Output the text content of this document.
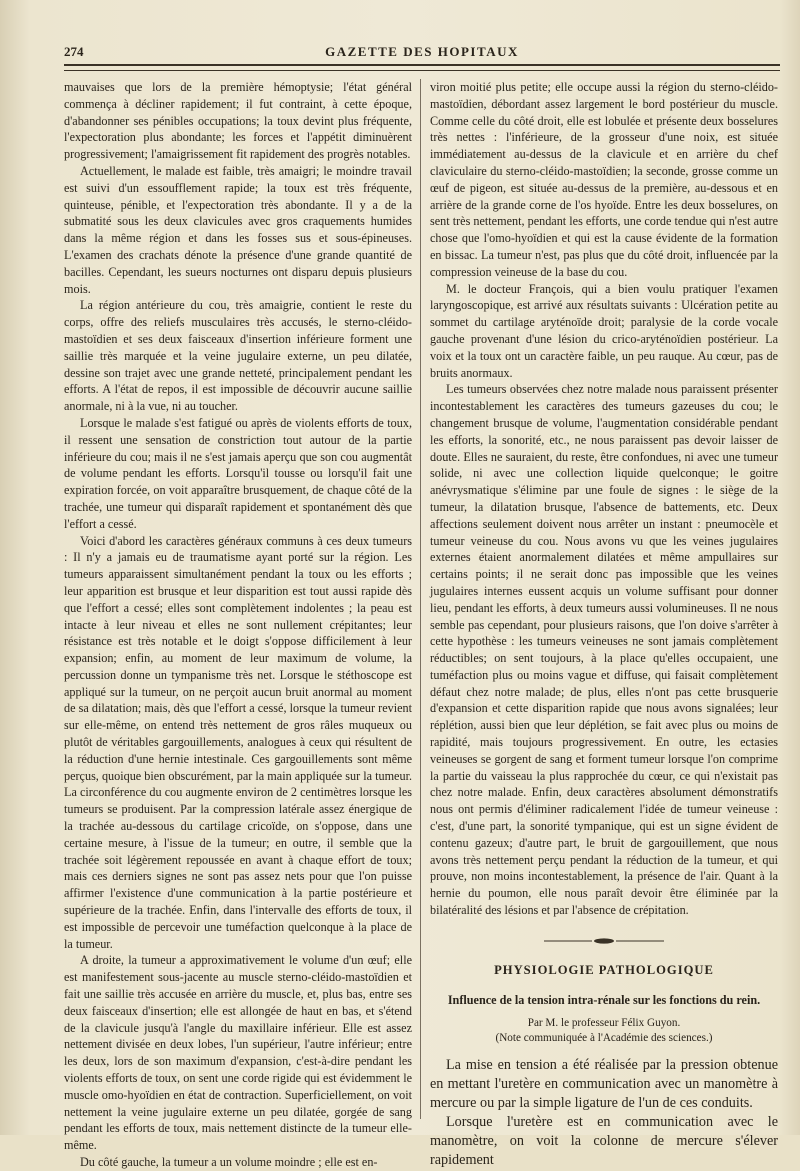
274	GAZETTE DES HOPITAUX

mauvaises que lors de la première hémoptysie; l'état général commença à décliner rapidement; il fut contraint, à cette époque, d'abandonner ses pénibles occupations; la toux devint plus fréquente, l'expectoration plus abondante; les forces et l'appétit diminuèrent progressivement; l'amaigrissement fit rapidement des progrès notables.

Actuellement, le malade est faible, très amaigri; le moindre travail est suivi d'un essoufflement rapide; la toux est très fréquente, quinteuse, pénible, et l'expectoration très abondante. Il y a de la submatité sous les deux clavicules avec gros craquements humides dans la même région et dans les fosses sus et sous-épineuses. L'examen des crachats dénote la présence d'une grande quantité de bacilles. Cependant, les sueurs nocturnes ont disparu depuis plusieurs mois.

La région antérieure du cou, très amaigrie, contient le reste du corps, offre des reliefs musculaires très accusés, le sterno-cléido-mastoïdien et ses deux faisceaux d'insertion inférieure forment une saillie très marquée et la veine jugulaire externe, un peu dilatée, dessine son trajet avec une grande netteté, principalement pendant les efforts. A l'état de repos, il est impossible de découvrir aucune saillie anormale, ni à la vue, ni au toucher.

Lorsque le malade s'est fatigué ou après de violents efforts de toux, il ressent une sensation de constriction tout autour de la partie inférieure du cou; mais il ne s'est jamais aperçu que son cou augmentât de volume pendant les efforts. Lorsqu'il tousse ou lorsqu'il fait une expiration forcée, on voit apparaître brusquement, de chaque côté de la trachée, une tumeur qui disparaît rapidement et spontanément dès que l'effort a cessé.

Voici d'abord les caractères généraux communs à ces deux tumeurs : Il n'y a jamais eu de traumatisme ayant porté sur la région. Les tumeurs apparaissent simultanément pendant la toux ou les efforts ; leur apparition est brusque et leur disparition est tout aussi rapide dès que l'effort a cessé; elles sont complètement indolentes ; la peau est intacte à leur niveau et elles ne sont nullement crépitantes; leur résistance est très notable et le doigt s'oppose difficilement à leur expansion; enfin, au moment de leur maximum de volume, la percussion donne un tympanisme très net. Lorsque le stéthoscope est appliqué sur la tumeur, on ne perçoit aucun bruit anormal au moment de sa dilatation; mais, dès que l'effort a cessé, lorsque la tumeur revient sur elle-même, on entend très nettement de gros râles muqueux ou plutôt de véritables gargouillements, analogues à ceux qui résultent de la réduction d'une hernie intestinale. Ces gargouillements sont même perçus, quoique bien obscurément, par la main appliquée sur la tumeur. La circonférence du cou augmente environ de 2 centimètres lorsque les tumeurs se produisent. Par la compression latérale assez énergique de la trachée au-dessous du cartilage cricoïde, on s'oppose, dans une certaine mesure, à l'issue de la tumeur; en outre, il semble que la trachée soit légèrement repoussée en avant à chaque effort de toux; mais ces derniers signes ne sont pas assez nets pour que l'on puisse affirmer l'existence d'une communication à la partie postérieure et supérieure de la trachée. Enfin, dans l'intervalle des efforts de toux, il est impossible de percevoir une tuméfaction quelconque à la place de la tumeur.

A droite, la tumeur a approximativement le volume d'un œuf; elle est manifestement sous-jacente au muscle sterno-cléido-mastoïdien et fait une saillie très accusée en arrière du muscle, et, plus bas, entre ses deux faisceaux d'insertion; elle est allongée de haut en bas, et s'étend de la clavicule jusqu'à l'angle du maxillaire inférieur. Elle est assez nettement divisée en deux lobes, l'un supérieur, l'autre inférieur; entre les deux, lors de son maximum d'expansion, c'est-à-dire pendant les violents efforts de toux, on sent une corde rigide qui est évidemment le muscle omo-hyoïdien en état de contraction. Superficiellement, on voit nettement la veine jugulaire externe un peu dilatée, gorgée de sang pendant les efforts de toux, mais nettement distincte de la tumeur elle-même.

Du côté gauche, la tumeur a un volume moindre ; elle est en-

viron moitié plus petite; elle occupe aussi la région du sterno-cléido-mastoïdien, débordant assez largement le bord postérieur du muscle. Comme celle du côté droit, elle est lobulée et présente deux bosselures très nettes : l'inférieure, de la grosseur d'une noix, est située immédiatement au-dessus de la clavicule et en arrière du chef claviculaire du sterno-cléido-mastoïdien; la seconde, grosse comme un œuf de pigeon, est située au-dessus de la première, au-dessous et en arrière de la grande corne de l'os hyoïde. Entre les deux bosselures, on sent très nettement, pendant les efforts, une corde tendue qui n'est autre chose que l'omo-hyoïdien et qui est la cause évidente de la formation en bissac. La tumeur n'est, pas plus que du côté droit, influencée par la compression veineuse de la base du cou.

M. le docteur François, qui a bien voulu pratiquer l'examen laryngoscopique, est arrivé aux résultats suivants : Ulcération petite au sommet du cartilage aryténoïde droit; paralysie de la corde vocale gauche provenant d'une lésion du crico-aryténoïdien postérieur. La voix et la toux ont un caractère faible, un peu rauque. Au cœur, pas de bruits anormaux.

Les tumeurs observées chez notre malade nous paraissent présenter incontestablement les caractères des tumeurs gazeuses du cou; le changement brusque de volume, l'augmentation considérable pendant les efforts, la sonorité, etc., ne nous paraissent pas devoir laisser de doute. Elles ne sauraient, du reste, être confondues, ni avec une tumeur solide, ni avec une collection liquide quelconque; le goitre anévrysmatique s'élimine par une foule de signes : le siège de la tumeur, la dilatation brusque, l'absence de battements, etc. Deux affections seulement doivent nous arrêter un instant : pneumocèle et tumeur veineuse du cou. Nous avons vu que les veines jugulaires externes étaient anormalement dilatées et même ampullaires sur certains points; il ne serait donc pas impossible que les veines jugulaires internes eussent acquis un volume suffisant pour donner lieu, pendant les efforts, à deux tumeurs aussi volumineuses. Il ne nous semble pas cependant, pour plusieurs raisons, que l'on doive s'arrêter à cette hypothèse : les tumeurs veineuses ne sont jamais complètement réductibles; on sent toujours, à la place qu'elles occupaient, une tuméfaction plus ou moins vague et diffuse, qui faisait complètement défaut chez notre malade; de plus, elles n'ont pas cette brusquerie d'expansion et cette disparition rapide que nous avons signalées; leur réplétion, aussi bien que leur déplétion, se fait avec plus ou moins de rapidité, mais toujours progressivement. En outre, les ectasies veineuses se gorgent de sang et forment tumeur lorsque l'on comprime la partie du vaisseau la plus rapprochée du cœur, ce qui n'existait pas chez notre malade. Enfin, deux caractères absolument démonstratifs nous ont permis d'éliminer radicalement l'idée de tumeur veineuse : c'est, d'une part, la sonorité tympanique, qui est un signe évident de contenu gazeux; d'autre part, le bruit de gargouillement, que nous avons très nettement perçu pendant la réduction de la tumeur, et qui prouve, non moins incontestablement, la présence de l'air. Quant à la hernie du poumon, elle nous paraît devoir être éliminée par la bilatéralité des lésions et par l'absence de crépitation.

PHYSIOLOGIE PATHOLOGIQUE
Influence de la tension intra-rénale sur les fonctions du rein.
Par M. le professeur Félix Guyon.
(Note communiquée à l'Académie des sciences.)

La mise en tension a été réalisée par la pression obtenue en mettant l'uretère en communication avec un manomètre à mercure ou par la simple ligature de l'un de ces conduits.

Lorsque l'uretère est en communication avec le manomètre, on voit la colonne de mercure s'élever rapidement
